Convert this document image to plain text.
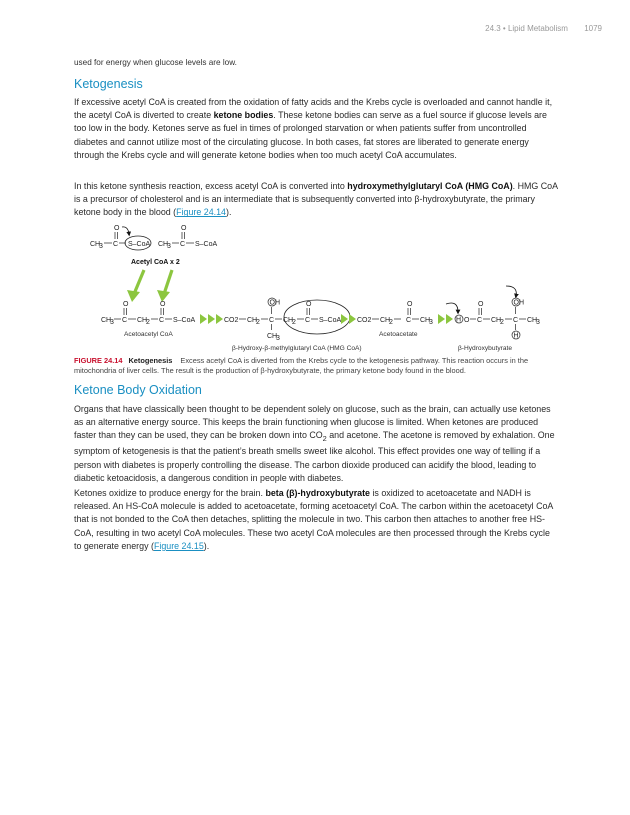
24.3 • Lipid Metabolism 1079
used for energy when glucose levels are low.
Ketogenesis

If excessive acetyl CoA is created from the oxidation of fatty acids and the Krebs cycle is overloaded and cannot handle it, the acetyl CoA is diverted to create ketone bodies. These ketone bodies can serve as a fuel source if glucose levels are too low in the body. Ketones serve as fuel in times of prolonged starvation or when patients suffer from uncontrolled diabetes and cannot utilize most of the circulating glucose. In both cases, fat stores are liberated to generate energy through the Krebs cycle and will generate ketone bodies when too much acetyl CoA accumulates.

In this ketone synthesis reaction, excess acetyl CoA is converted into hydroxymethylglutaryl CoA (HMG CoA). HMG CoA is a precursor of cholesterol and is an intermediate that is subsequently converted into β-hydroxybutyrate, the primary ketone body in the blood (Figure 24.14).

O
CH
3 C S–CoA
O
CH
3 C S–CoA
Acetyl CoA x 2
O	O
CH
3 C CH
2 C S–CoA
Acetoacetyl CoA
CO2 CH
2 C
OH
CH
3
CH
2 C
O
S–CoA
β-Hydroxy-β-methylglutaryl CoA (HMG CoA)
CO2 CH
2
O
C CH
3
Acetoacetate
H O C
O
CH
2 C
OH
H
CH
3
β-Hydroxybutyrate
FIGURE 24.14 Ketogenesis Excess acetyl CoA is diverted from the Krebs cycle to the ketogenesis pathway. This reaction occurs in the mitochondria of liver cells. The result is the production of β-hydroxybutyrate, the primary ketone body found in the blood.
Ketone Body Oxidation

Organs that have classically been thought to be dependent solely on glucose, such as the brain, can actually use ketones as an alternative energy source. This keeps the brain functioning when glucose is limited. When ketones are produced faster than they can be used, they can be broken down into $CO_2$ and acetone. The acetone is removed by exhalation. One symptom of ketogenesis is that the patient’s breath smells sweet like alcohol. This effect provides one way of telling if a person with diabetes is properly controlling the disease. The carbon dioxide produced can acidify the blood, leading to diabetic ketoacidosis, a dangerous condition in people with diabetes.

Ketones oxidize to produce energy for the brain. beta (β)-hydroxybutyrate is oxidized to acetoacetate and NADH is released. An HS-CoA molecule is added to acetoacetate, forming acetoacetyl CoA. The carbon within the acetoacetyl CoA that is not bonded to the CoA then detaches, splitting the molecule in two. This carbon then attaches to another free HS-CoA, resulting in two acetyl CoA molecules. These two acetyl CoA molecules are then processed through the Krebs cycle to generate energy (Figure 24.15).
